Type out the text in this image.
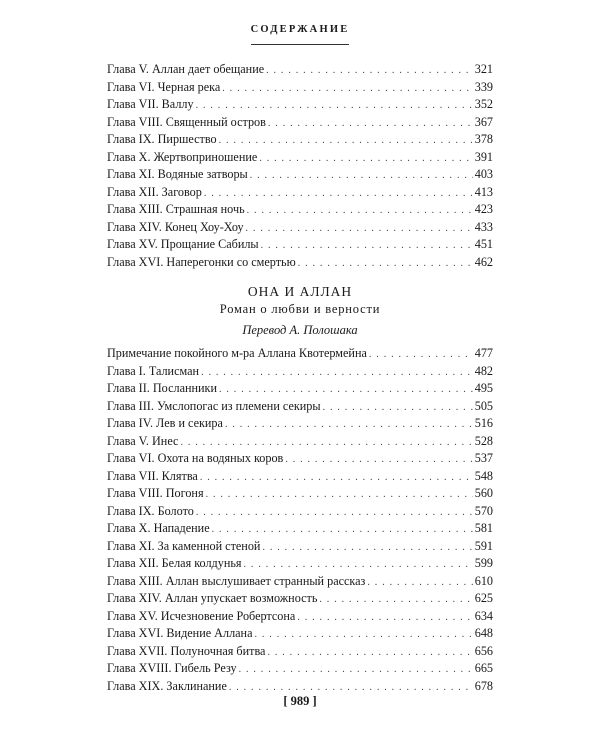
СОДЕРЖАНИЕ
Глава V. Аллан дает обещание . . .	321
Глава VI. Черная река . . .	339
Глава VII. Валлу . . .	352
Глава VIII. Священный остров . . .	367
Глава IX. Пиршество . . .	378
Глава X. Жертвоприношение . . .	391
Глава XI. Водяные затворы . . .	403
Глава XII. Заговор . . .	413
Глава XIII. Страшная ночь . . .	423
Глава XIV. Конец Хоу-Хоу . . .	433
Глава XV. Прощание Сабилы . . .	451
Глава XVI. Наперегонки со смертью . . .	462
ОНА И АЛЛАН
Роман о любви и верности
Перевод А. Полошака
Примечание покойного м-ра Аллана Квотермейна . . .	477
Глава I. Талисман . . .	482
Глава II. Посланники . . .	495
Глава III. Умслопогас из племени секиры . . .	505
Глава IV. Лев и секира . . .	516
Глава V. Инес . . .	528
Глава VI. Охота на водяных коров . . .	537
Глава VII. Клятва . . .	548
Глава VIII. Погоня . . .	560
Глава IX. Болото . . .	570
Глава X. Нападение . . .	581
Глава XI. За каменной стеной . . .	591
Глава XII. Белая колдунья . . .	599
Глава XIII. Аллан выслушивает странный рассказ . . .	610
Глава XIV. Аллан упускает возможность . . .	625
Глава XV. Исчезновение Робертсона . . .	634
Глава XVI. Видение Аллана . . .	648
Глава XVII. Полуночная битва . . .	656
Глава XVIII. Гибель Резу . . .	665
Глава XIX. Заклинание . . .	678
[ 989 ]
